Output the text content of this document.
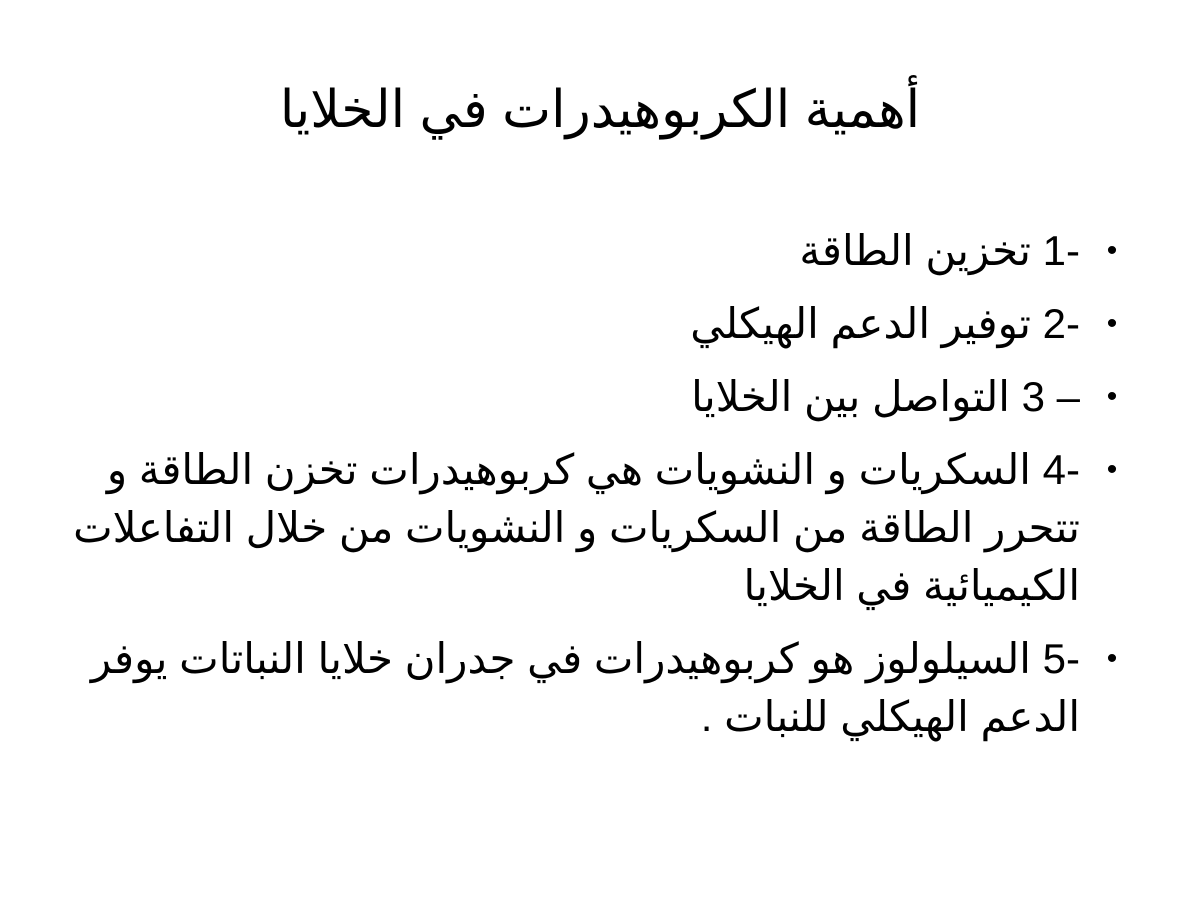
أهمية الكربوهيدرات في الخلايا
•
1- تخزين الطاقة
•
2- توفير الدعم الهيكلي
•
3 – التواصل بين الخلايا
•
4- السكريات و النشويات هي كربوهيدرات تخزن الطاقة و تتحرر الطاقة من السكريات و النشويات من خلال التفاعلات الكيميائية في الخلايا
•
5- السيلولوز هو كربوهيدرات في جدران خلايا النباتات يوفر الدعم الهيكلي للنبات .
